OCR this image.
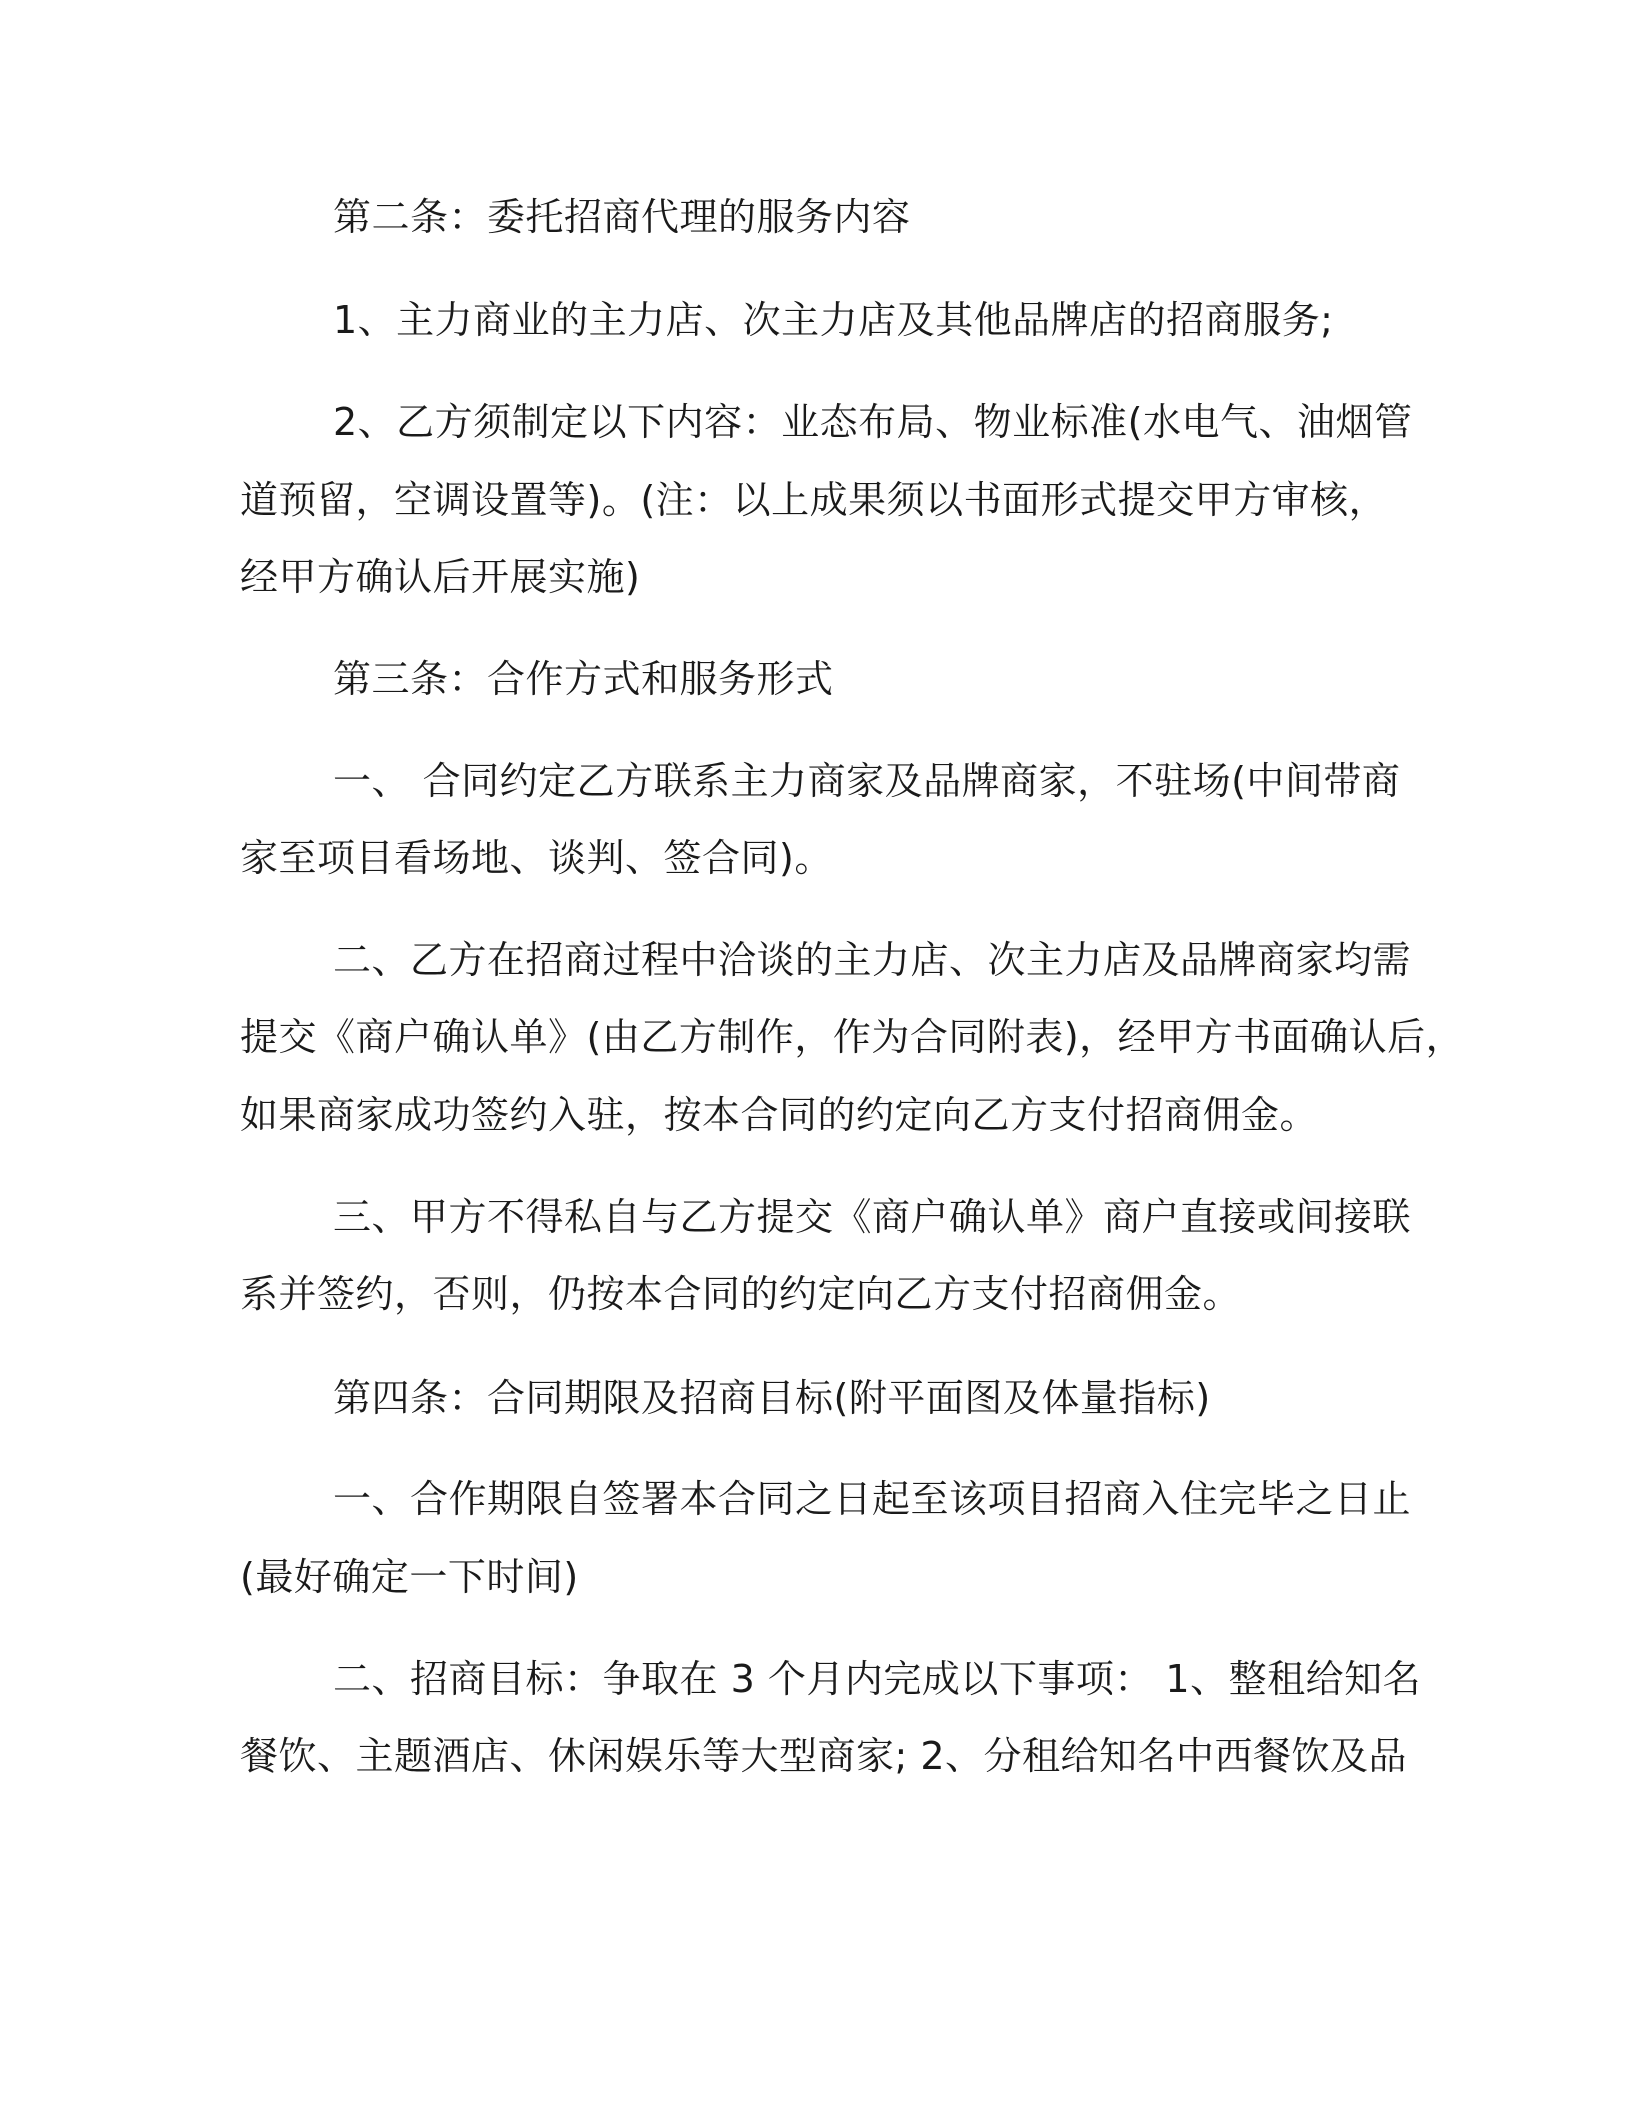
第二条：委托招商代理的服务内容

1、主力商业的主力店、次主力店及其他品牌店的招商服务;

2、乙方须制定以下内容：业态布局、物业标准(水电气、油烟管

道预留，空调设置等)。(注：以上成果须以书面形式提交甲方审核，

经甲方确认后开展实施)

第三条：合作方式和服务形式

一、 合同约定乙方联系主力商家及品牌商家，不驻场(中间带商

家至项目看场地、谈判、签合同)。

二、乙方在招商过程中洽谈的主力店、次主力店及品牌商家均需

提交《商户确认单》(由乙方制作，作为合同附表)，经甲方书面确认后，

如果商家成功签约入驻，按本合同的约定向乙方支付招商佣金。

三、甲方不得私自与乙方提交《商户确认单》商户直接或间接联

系并签约，否则，仍按本合同的约定向乙方支付招商佣金。

第四条：合同期限及招商目标(附平面图及体量指标)

一、合作期限自签署本合同之日起至该项目招商入住完毕之日止

(最好确定一下时间)

二、招商目标：争取在 3 个月内完成以下事项： 1、整租给知名

餐饮、主题酒店、休闲娱乐等大型商家; 2、分租给知名中西餐饮及品
